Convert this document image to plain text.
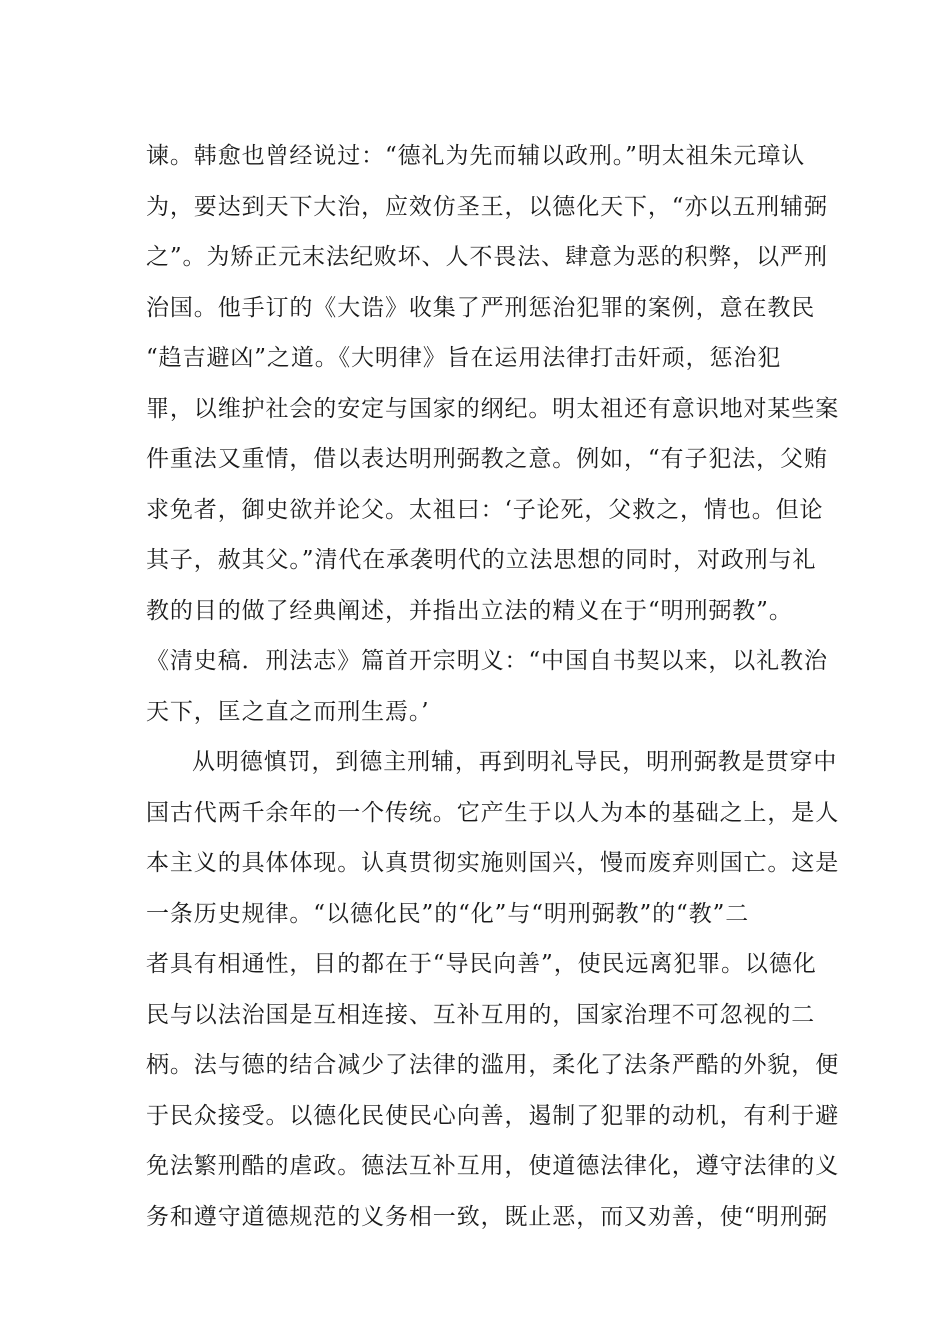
谏。韩愈也曾经说过：“德礼为先而辅以政刑。”明太祖朱元璋认
为，要达到天下大治，应效仿圣王，以德化天下，“亦以五刑辅弼
之”。为矫正元末法纪败坏、人不畏法、肆意为恶的积弊，以严刑
治国。他手订的《大诰》收集了严刑惩治犯罪的案例，意在教民
“趋吉避凶”之道。《大明律》旨在运用法律打击奸顽，惩治犯
罪，以维护社会的安定与国家的纲纪。明太祖还有意识地对某些案
件重法又重情，借以表达明刑弼教之意。例如，“有子犯法，父贿
求免者，御史欲并论父。太祖曰：‘子论死，父救之，情也。但论
其子，赦其父。”清代在承袭明代的立法思想的同时，对政刑与礼
教的目的做了经典阐述，并指出立法的精义在于“明刑弼教”。
《清史稿．刑法志》篇首开宗明义：“中国自书契以来，以礼教治
天下，匡之直之而刑生焉。’
从明德慎罚，到德主刑辅，再到明礼导民，明刑弼教是贯穿中
国古代两千余年的一个传统。它产生于以人为本的基础之上，是人
本主义的具体体现。认真贯彻实施则国兴，慢而废弃则国亡。这是
一条历史规律。“以德化民”的“化”与“明刑弼教”的“教”二
者具有相通性，目的都在于“导民向善”，使民远离犯罪。以德化
民与以法治国是互相连接、互补互用的，国家治理不可忽视的二
柄。法与德的结合减少了法律的滥用，柔化了法条严酷的外貌，便
于民众接受。以德化民使民心向善，遏制了犯罪的动机，有利于避
免法繁刑酷的虐政。德法互补互用，使道德法律化，遵守法律的义
务和遵守道德规范的义务相一致，既止恶，而又劝善，使“明刑弼
